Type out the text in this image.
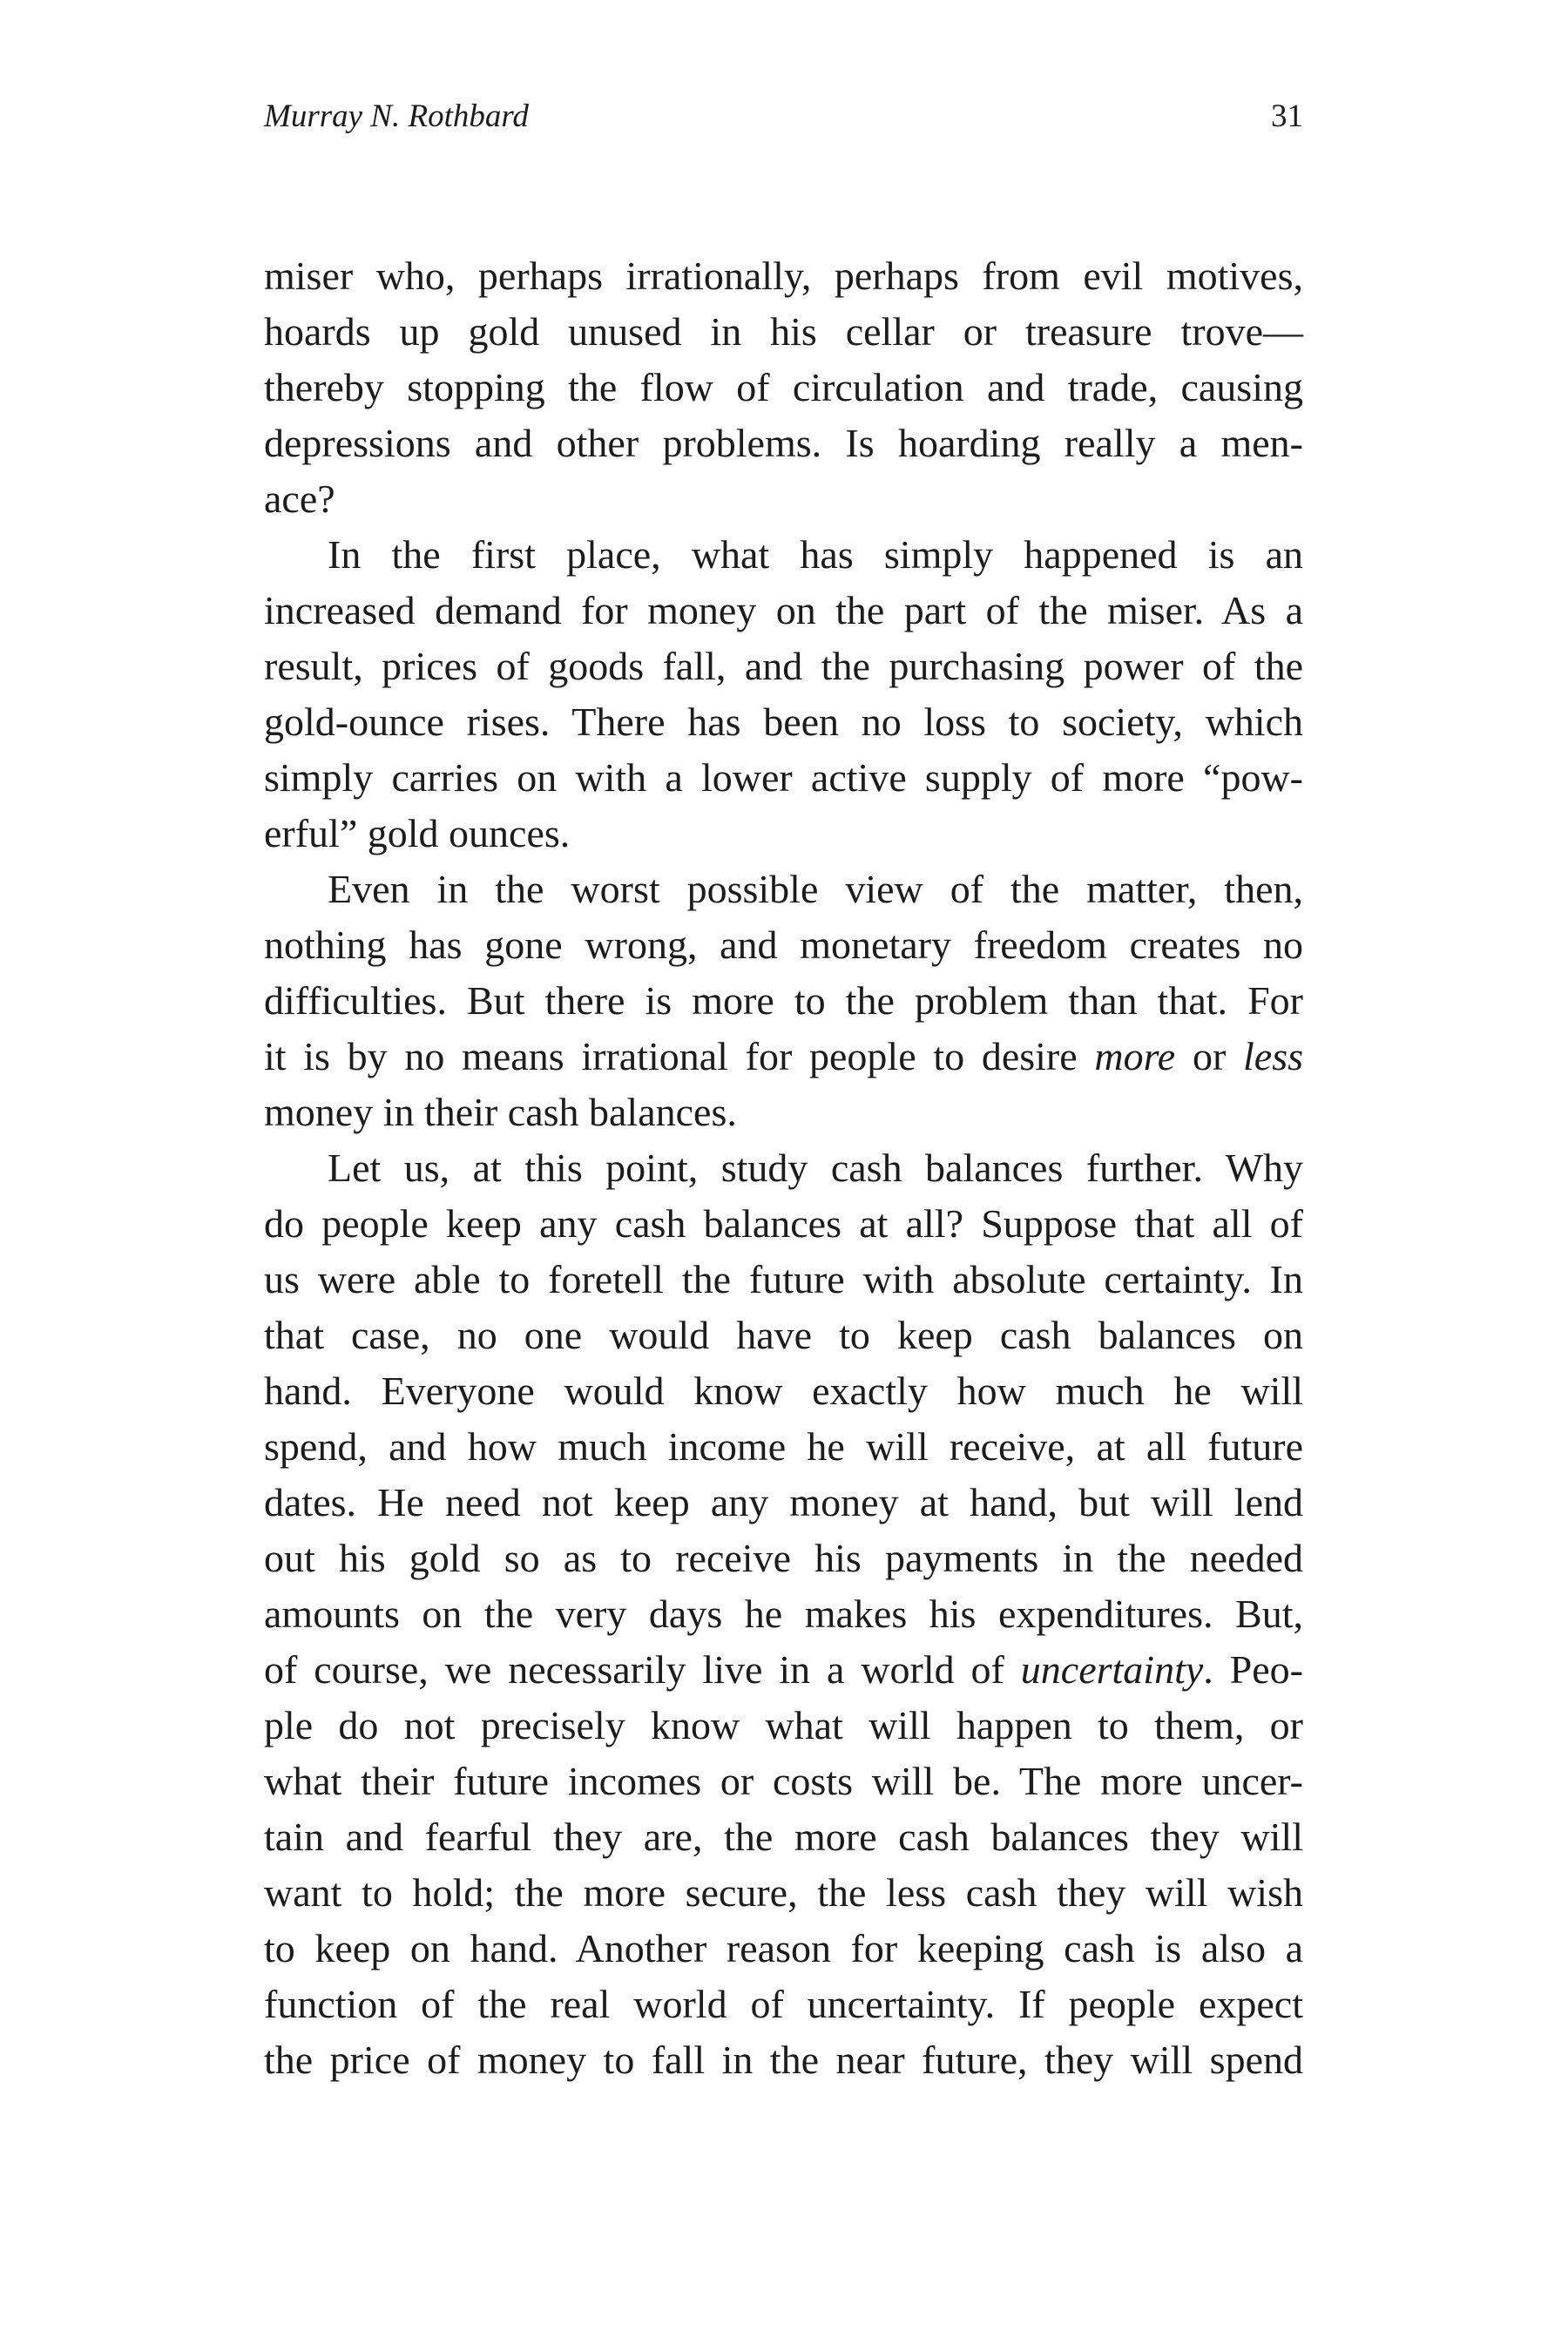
Murray N. Rothbard	31

miser who, perhaps irrationally, perhaps from evil motives,
hoards up gold unused in his cellar or treasure trove—
thereby stopping the flow of circulation and trade, causing
depressions and other problems. Is hoarding really a men-
ace?

In the first place, what has simply happened is an
increased demand for money on the part of the miser. As a
result, prices of goods fall, and the purchasing power of the
gold-ounce rises. There has been no loss to society, which
simply carries on with a lower active supply of more “pow-
erful” gold ounces.

Even in the worst possible view of the matter, then,
nothing has gone wrong, and monetary freedom creates no
difficulties. But there is more to the problem than that. For
it is by no means irrational for people to desire more or less
money in their cash balances.

Let us, at this point, study cash balances further. Why
do people keep any cash balances at all? Suppose that all of
us were able to foretell the future with absolute certainty. In
that case, no one would have to keep cash balances on
hand. Everyone would know exactly how much he will
spend, and how much income he will receive, at all future
dates. He need not keep any money at hand, but will lend
out his gold so as to receive his payments in the needed
amounts on the very days he makes his expenditures. But,
of course, we necessarily live in a world of uncertainty. Peo-
ple do not precisely know what will happen to them, or
what their future incomes or costs will be. The more uncer-
tain and fearful they are, the more cash balances they will
want to hold; the more secure, the less cash they will wish
to keep on hand. Another reason for keeping cash is also a
function of the real world of uncertainty. If people expect
the price of money to fall in the near future, they will spend
